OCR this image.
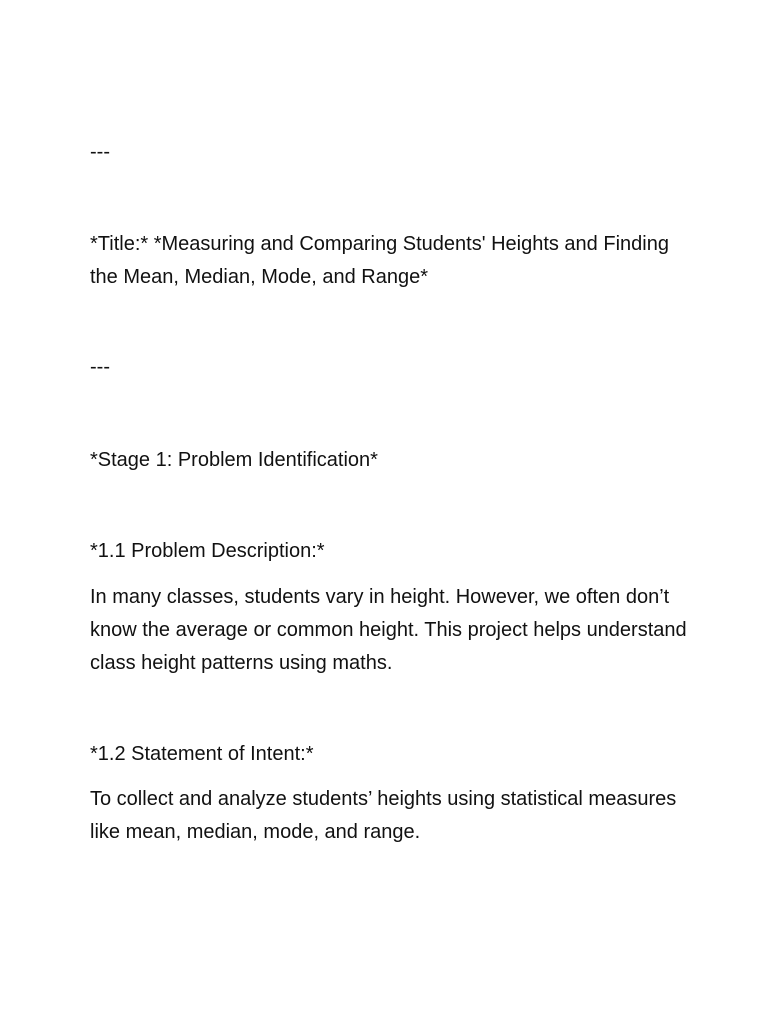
---

*Title:* *Measuring and Comparing Students' Heights and Finding the Mean, Median, Mode, and Range*

---

*Stage 1: Problem Identification*

*1.1 Problem Description:*

In many classes, students vary in height. However, we often don’t know the average or common height. This project helps understand class height patterns using maths.

*1.2 Statement of Intent:*

To collect and analyze students’ heights using statistical measures like mean, median, mode, and range.
